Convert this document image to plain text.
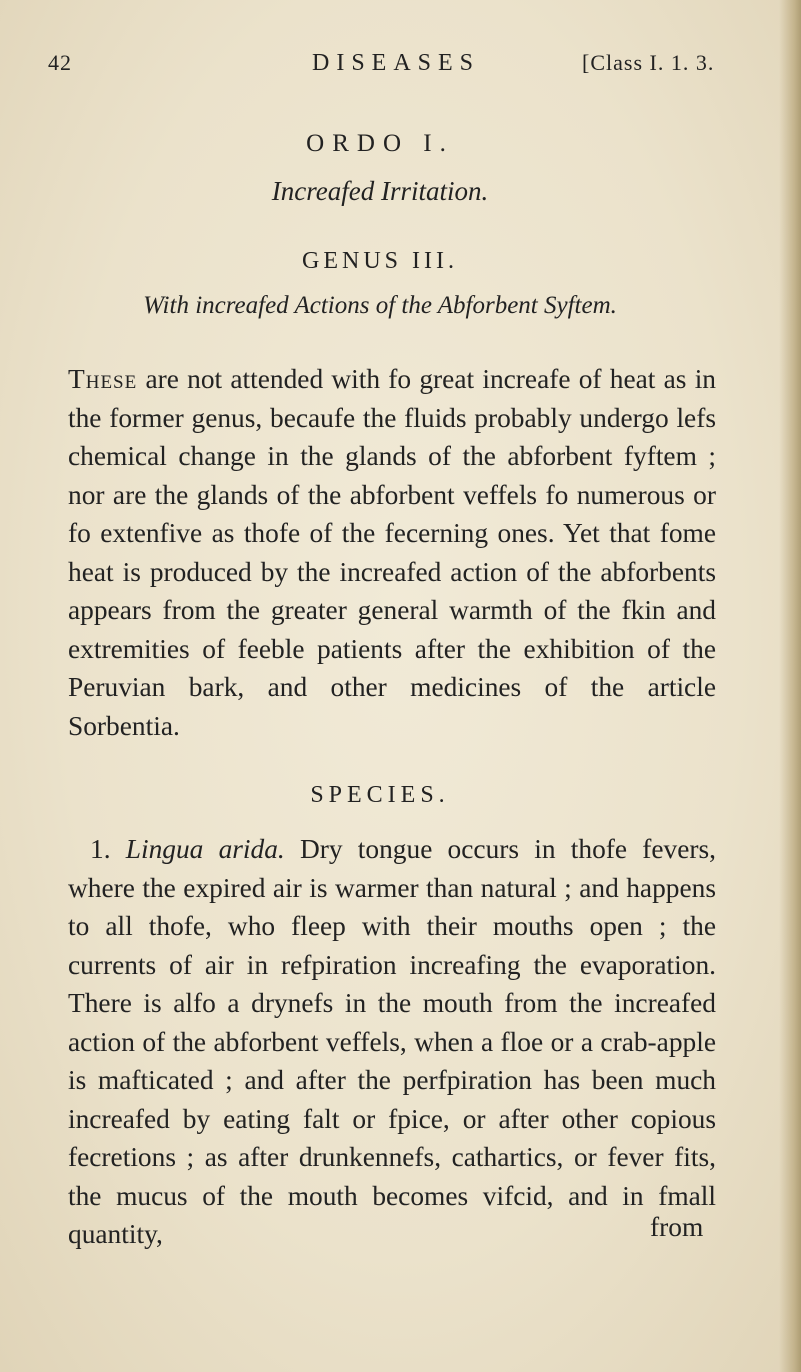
42	DISEASES	[Class I. 1. 3.
ORDO I.
Increafed Irritation.
GENUS III.
With increafed Actions of the Abforbent Syftem.

These are not attended with fo great increafe of heat as in the former genus, becaufe the fluids probably undergo lefs chemical change in the glands of the abforbent fyftem ; nor are the glands of the abforbent veffels fo numerous or fo extenfive as thofe of the fecerning ones. Yet that fome heat is produced by the increafed action of the abforbents appears from the greater general warmth of the fkin and extremities of feeble patients after the exhibition of the Peruvian bark, and other medicines of the article Sorbentia.

SPECIES.

1. Lingua arida. Dry tongue occurs in thofe fevers, where the expired air is warmer than natural ; and happens to all thofe, who fleep with their mouths open ; the currents of air in refpiration increafing the evaporation. There is alfo a drynefs in the mouth from the increafed action of the abforbent veffels, when a floe or a crab-apple is mafticated ; and after the perfpiration has been much increafed by eating falt or fpice, or after other copious fecretions ; as after drunkennefs, cathartics, or fever fits, the mucus of the mouth becomes vifcid, and in fmall quantity,	from
